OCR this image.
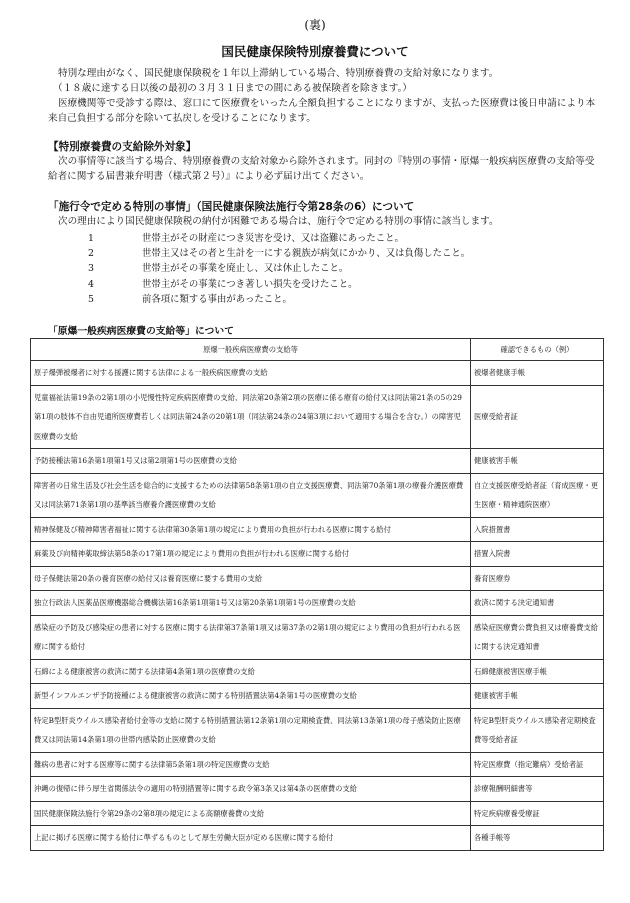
(裏)
国民健康保険特別療養費について
特別な理由がなく、国民健康保険税を１年以上滞納している場合、特別療養費の支給対象になります。
（１８歳に達する日以後の最初の３月３１日までの間にある被保険者を除きます。）
医療機関等で受診する際は、窓口にて医療費をいったん全額負担することになりますが、支払った医療費は後日申請により本来自己負担する部分を除いて払戻しを受けることになります。
【特別療養費の支給除外対象】
次の事情等に該当する場合、特別療養費の支給対象から除外されます。同封の『特別の事情・原爆一般疾病医療費の支給等受給者に関する届書兼弁明書（様式第２号）』により必ず届け出てください。
「施行令で定める特別の事情」（国民健康保険法施行令第28条の6）について
次の理由により国民健康保険税の納付が困難である場合は、施行令で定める特別の事情に該当します。
1	世帯主がその財産につき災害を受け、又は盗難にあったこと。
2	世帯主又はその者と生計を一にする親族が病気にかかり、又は負傷したこと。
3	世帯主がその事業を廃止し、又は休止したこと。
4	世帯主がその事業につき著しい損失を受けたこと。
5	前各項に類する事由があったこと。
「原爆一般疾病医療費の支給等」について
原爆一般疾病医療費の支給等	確認できるもの（例）
原子爆弾被爆者に対する援護に関する法律による一般疾病医療費の支給	被爆者健康手帳
児童福祉法第19条の2第1項の小児慢性特定疾病医療費の支給、同法第20条第2項の医療に係る療育の給付又は同法第21条の5の29第1項の肢体不自由児通所医療費若しくは同法第24条の20第1項（同法第24条の24第3項において適用する場合を含む。）の障害児医療費の支給	医療受給者証
予防接種法第16条第1項第1号又は第2項第1号の医療費の支給	健康被害手帳
障害者の日常生活及び社会生活を総合的に支援するための法律第58条第1項の自立支援医療費、同法第70条第1項の療養介護医療費又は同法第71条第1項の基準該当療養介護医療費の支給	自立支援医療受給者証（育成医療・更生医療・精神通院医療）
精神保健及び精神障害者福祉に関する法律第30条第1項の規定により費用の負担が行われる医療に関する給付	入院措置書
麻薬及び向精神薬取締法第58条の17第1項の規定により費用の負担が行われる医療に関する給付	措置入院書
母子保健法第20条の養育医療の給付又は養育医療に要する費用の支給	養育医療券
独立行政法人医薬品医療機器総合機構法第16条第1項第1号又は第20条第1項第1号の医療費の支給	救済に関する決定通知書
感染症の予防及び感染症の患者に対する医療に関する法律第37条第1項又は第37条の2第1項の規定により費用の負担が行われる医療に関する給付	感染症医療費公費負担又は療養費支給に関する決定通知書
石綿による健康被害の救済に関する法律第4条第1項の医療費の支給	石綿健康被害医療手帳
新型インフルエンザ予防接種による健康被害の救済に関する特別措置法第4条第1号の医療費の支給	健康被害手帳
特定B型肝炎ウイルス感染者給付金等の支給に関する特別措置法第12条第1項の定期検査費、同法第13条第1項の母子感染防止医療費又は同法第14条第1項の世帯内感染防止医療費の支給	特定B型肝炎ウイルス感染者定期検査費等受給者証
難病の患者に対する医療等に関する法律第5条第1項の特定医療費の支給	特定医療費（指定難病）受給者証
沖縄の復帰に伴う厚生省関係法令の適用の特別措置等に関する政令第3条又は第4条の医療費の支給	診療報酬明細書等
国民健康保険法施行令第29条の2第8項の規定による高額療養費の支給	特定疾病療養受療証
上記に掲げる医療に関する給付に準ずるものとして厚生労働大臣が定める医療に関する給付	各種手帳等
